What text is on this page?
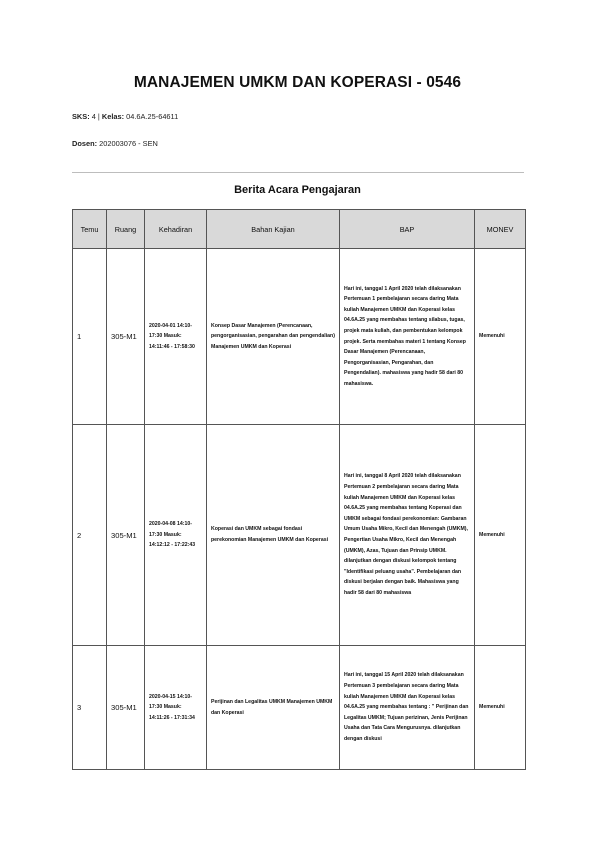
MANAJEMEN UMKM DAN KOPERASI - 0546
SKS: 4 | Kelas: 04.6A.25-64611
Dosen: 202003076 - SEN
Berita Acara Pengajaran
Temu	Ruang	Kehadiran	Bahan Kajian	BAP	MONEV
1	305-M1	2020-04-01 14:10-17:30 Masuk: 14:11:46 - 17:58:30	Konsep Dasar Manajemen (Perencanaan, pengorganisasian, pengarahan dan pengendalian) Manajemen UMKM dan Koperasi	Hari ini, tanggal 1 April 2020 telah dilaksanakan Pertemuan 1 pembelajaran secara daring Mata kuliah Manajemen UMKM dan Koperasi kelas 04.6A.25 yang membahas tentang silabus, tugas, projek mata kuliah, dan pembentukan kelompok projek. Serta membahas materi 1 tentang Konsep Dasar Manajemen (Perencanaan, Pengorganisasian, Pengarahan, dan Pengendalian). mahasiswa yang hadir 58 dari 80 mahasiswa.	Memenuhi
2	305-M1	2020-04-08 14:10-17:30 Masuk: 14:12:12 - 17:22:43	Koperasi dan UMKM sebagai fondasi perekonomian Manajemen UMKM dan Koperasi	Hari ini, tanggal 8 April 2020 telah dilaksanakan Pertemuan 2 pembelajaran secara daring Mata kuliah Manajemen UMKM dan Koperasi kelas 04.6A.25 yang membahas tentang Koperasi dan UMKM sebagai fondasi perekonomian: Gambaran Umum Usaha Mikro, Kecil dan Menengah (UMKM), Pengertian Usaha Mikro, Kecil dan Menengah (UMKM), Azas, Tujuan dan Prinsip UMKM. dilanjutkan dengan diskusi kelompok tentang "Identifikasi peluang usaha". Pembelajaran dan diskusi berjalan dengan baik. Mahasiswa yang hadir 58 dari 80 mahasiswa	Memenuhi
3	305-M1	2020-04-15 14:10-17:30 Masuk: 14:11:26 - 17:31:34	Perijinan dan Legalitas UMKM Manajemen UMKM dan Koperasi	Hari ini, tanggal 15 April 2020 telah dilaksanakan Pertemuan 3 pembelajaran secara daring Mata kuliah Manajemen UMKM dan Koperasi kelas 04.6A.25 yang membahas tentang : " Perijinan dan Legalitas UMKM; Tujuan perizinan, Jenis Perijinan Usaha dan Tata Cara Mengurusnya. dilanjutkan dengan diskusi	Memenuhi
